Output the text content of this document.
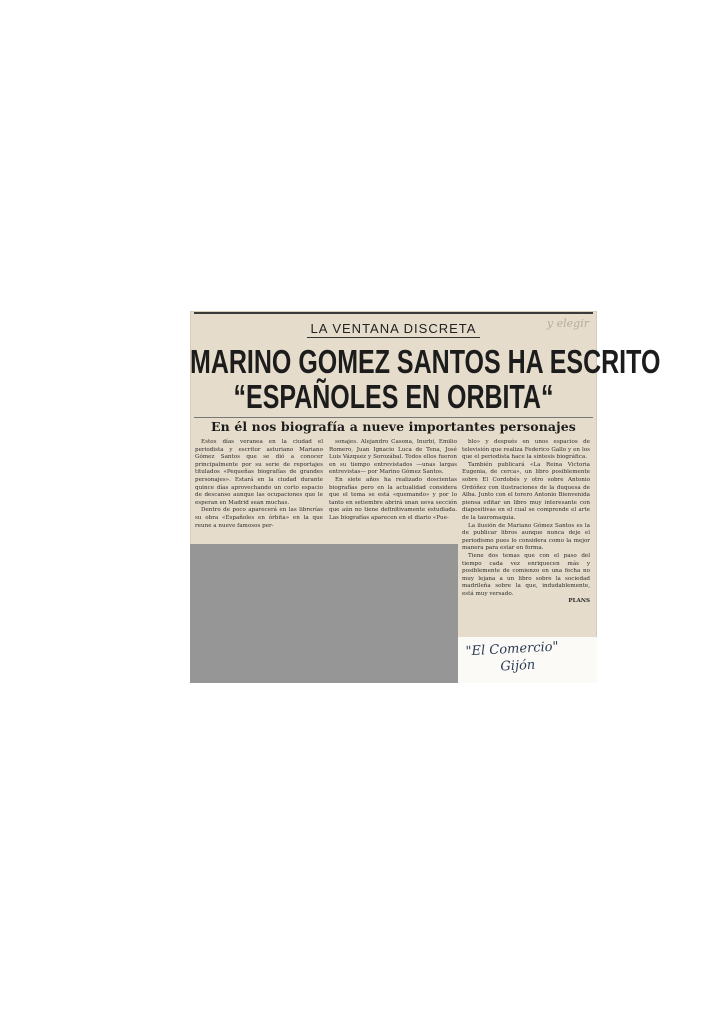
y elegir
LA VENTANA DISCRETA
MARINO GOMEZ SANTOS HA ESCRITO
“ESPAÑOLES EN ORBITA“
En él nos biografía a nueve importantes personajes

Estos días veranea en la ciudad el periodista y escritor asturiano Mariano Gómez Santos que se dió a conocer principalmente por su serie de reportajes titulados «Pequeñas biografías de grandes personajes». Estará en la ciudad durante quince días aprovechando un corto espacio de descanso aunque las ocupaciones que le esperan en Madrid sean muchas.

Dentro de poco aparecerá en las librerías su obra «Españoles en órbita» en la que reune a nueve famosos per-

sonajes. Alejandro Casona, Inurbi, Emilio Romero, Juan Ignacio Luca de Tena, José Luis Vázquez y Sorozábal. Todos ellos fueron en su tiempo entrevistados —unas largas entrevistas— por Marino Gómez Santos.

En siete años ha realizado doscientas biografías pero en la actualidad considera que el tema se está «quemando» y por lo tanto en setiembre abrirá unan ueva sección que aún no tiene definitivamente estudiada. Las biografías aparecen en el diario «Pue-

blo» y después en unos espacios de televisión que realiza Federico Gallo y en los que el periodista hace la síntesis biográfica.

También publicará «La Reina Victoria Eugenia, de cerca», un libro posiblemente sobre El Cordobés y otro sobre Antonio Ordóñez con ilustraciones de la duquesa de Alba. Junto con el torero Antonio Bienvenida piensa editar un libro muy interesante con diapositivas en el cual se comprende el arte de la tauromaquia.

La ilusión de Mariano Gómez Santos es la de publicar libros aunque nunca deje el periodismo pues lo considera como la mejor manera para estar en forma.

Tiene dos temas que con el paso del tiempo cada vez enriquecen más y posiblemente de comienzo en una fecha no muy lejana a un libro sobre la sociedad madrileña sobre la que, indudablemente, está muy versado.

PLANS
"El Comercio"
Gijón
